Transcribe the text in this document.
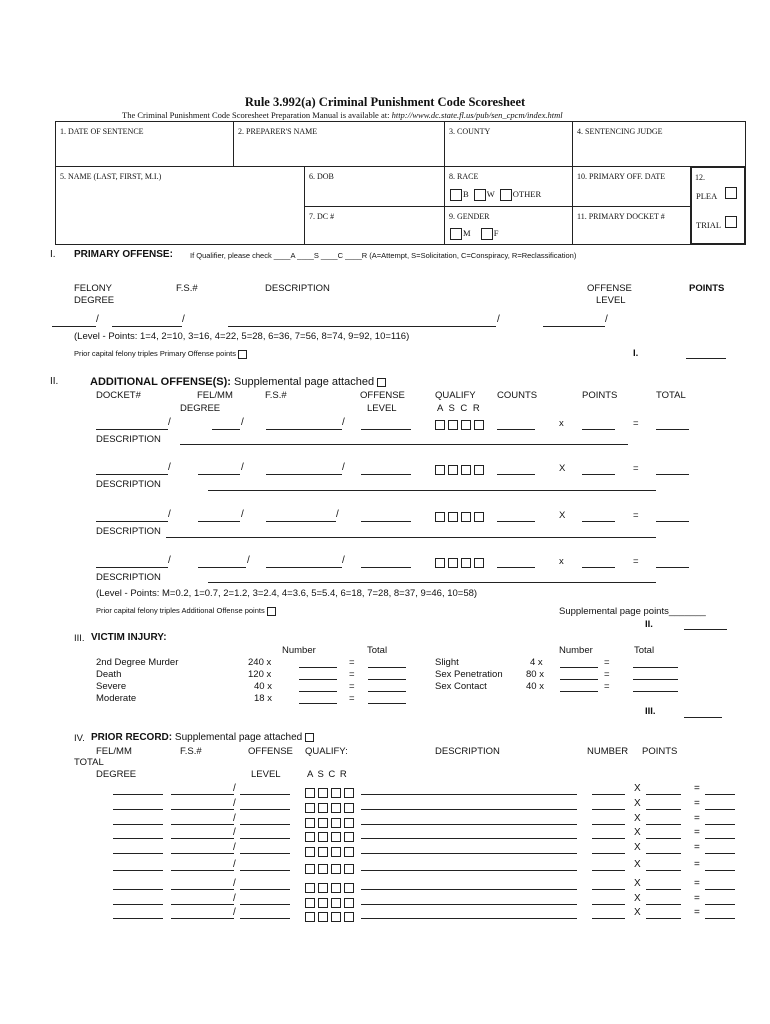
Rule 3.992(a) Criminal Punishment Code Scoresheet
The Criminal Punishment Code Scoresheet Preparation Manual is available at: http://www.dc.state.fl.us/pub/sen_cpcm/index.html
1. DATE OF SENTENCE	2. PREPARER'S NAME	3. COUNTY	4. SENTENCING JUDGE
5. NAME (LAST, FIRST, M.I.)	6. DOB
7. DC #
8. RACE
B W OTHER
9. GENDER
M	F
10. PRIMARY OFF. DATE
11. PRIMARY DOCKET #
12.
PLEA
TRIAL
I. PRIMARY OFFENSE: If Qualifier, please check ____A ____S ____C ____R (A=Attempt, S=Solicitation, C=Conspiracy, R=Reclassification)
FELONY
DEGREE
F.S.#	DESCRIPTION	OFFENSE
LEVEL
POINTS
/	/	/	/
(Level - Points: 1=4, 2=10, 3=16, 4=22, 5=28, 6=36, 7=56, 8=74, 9=92, 10=116)
Prior capital felony triples Primary Offense points	I.
II.	ADDITIONAL OFFENSE(S): Supplemental page attached
DOCKET#	FEL/MM
DEGREE
F.S.#	OFFENSE
LEVEL
QUALIFY
A S C R
COUNTS	POINTS	TOTAL
/	/	/	x	=
DESCRIPTION
/	/	/	X	=
DESCRIPTION
/	/	/	X	=
DESCRIPTION
/	/	/	x	=
DESCRIPTION
(Level - Points: M=0.2, 1=0.7, 2=1.2, 3=2.4, 4=3.6, 5=5.4, 6=18, 7=28, 8=37, 9=46, 10=58)
Prior capital felony triples Additional Offense points	Supplemental page points_______
II.
III. VICTIM INJURY:
Number	Total	Number	Total
2nd Degree Murder	240 x	=
Death	120 x	=
Severe	40 x	=
Moderate	18 x	=
Slight	4 x	=
Sex Penetration 80 x	=
Sex Contact	40 x	=
III.
IV. PRIOR RECORD: Supplemental page attached
FEL/MM	F.S.#	OFFENSE QUALIFY:	DESCRIPTION	NUMBER POINTS
TOTAL
DEGREE	LEVEL	A S C R
/	X	=
/	X	=
/	X	=
/	X	=
/	X	=
/	X	=
/	X	=
/	X	=
/	X	=
